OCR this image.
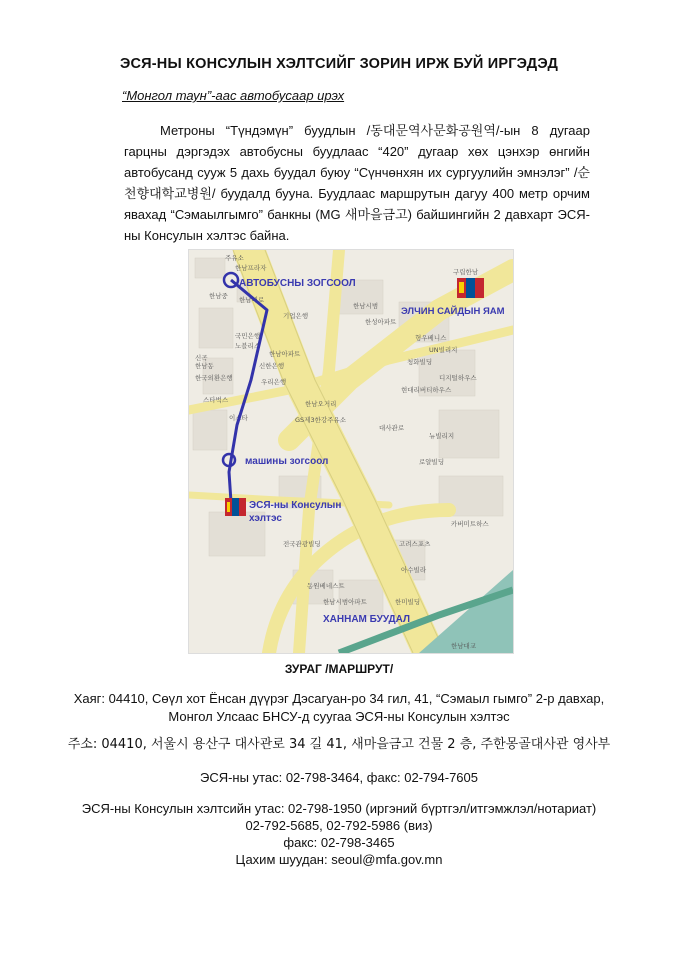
ЭСЯ-НЫ КОНСУЛЫН ХЭЛТСИЙГ ЗОРИН ИРЖ БУЙ ИРГЭДЭД
“Монгол таун”-аас автобусаар ирэх
Метроны “Түндэмүн” буудлын /동대문역사문화공원역/-ын 8 дугаар гарцны дэргэдэх автобусны буудлаас “420” дугаар хөх цэнхэр өнгийн автобусанд сууж 5 дахь буудал буюу “Сүнчөнхян их сургуулийн эмнэлэг” /순천향대학교병원/ буудалд бууна. Буудлаас маршрутын дагуу 400 метр орчим явахад “Сэмаылгымго” банкны (MG 새마을금고) байшингийн 2 давхарт ЭСЯ-ны Консулын хэлтэс байна.
주유소
한남프라자
한남대로
기업은행
국민은행
노블리스
신한은행
우리은행
한국외환은행
스타벅스
한남동
한남오거리
GS제3한강주유소
전국관광빌딩
동원베네스트
한남시범아파트	한미빌딩
고려스포츠
아수빌라
카버미트하스
로얄빌딩
뉴빌리지
현대리버티하우스
디지털하우스
청화빌딩
UN빌리지
형우베니스
한성아파트
구립한남
신곡
한남중
한남시범
이스타
한남아파트
대사관로
한남대교
АВТОБУСНЫ ЗОГСООЛ
ЭЛЧИН САЙДЫН ЯАМ
машины зогсоол
ЭСЯ-ны Консулын
хэлтэс
ХАННАМ БУУДАЛ
ЗУРАГ /МАРШРУТ/
Хаяг: 04410, Сөүл хот Ёнсан дүүрэг Дэсагуан-ро 34 гил, 41, “Сэмаыл гымго” 2-р давхар,
Монгол Улсаас БНСУ-д суугаа ЭСЯ-ны Консулын хэлтэс
주소: 04410, 서울시 용산구 대사관로 34 길 41, 새마을금고 건물 2 층, 주한몽골대사관 영사부
ЭСЯ-ны утас: 02-798-3464, факс: 02-794-7605
ЭСЯ-ны Консулын хэлтсийн утас: 02-798-1950 (иргэний бүртгэл/итгэмжлэл/нотариат)
02-792-5685, 02-792-5986 (виз)
факс: 02-798-3465
Цахим шуудан: seoul@mfa.gov.mn
